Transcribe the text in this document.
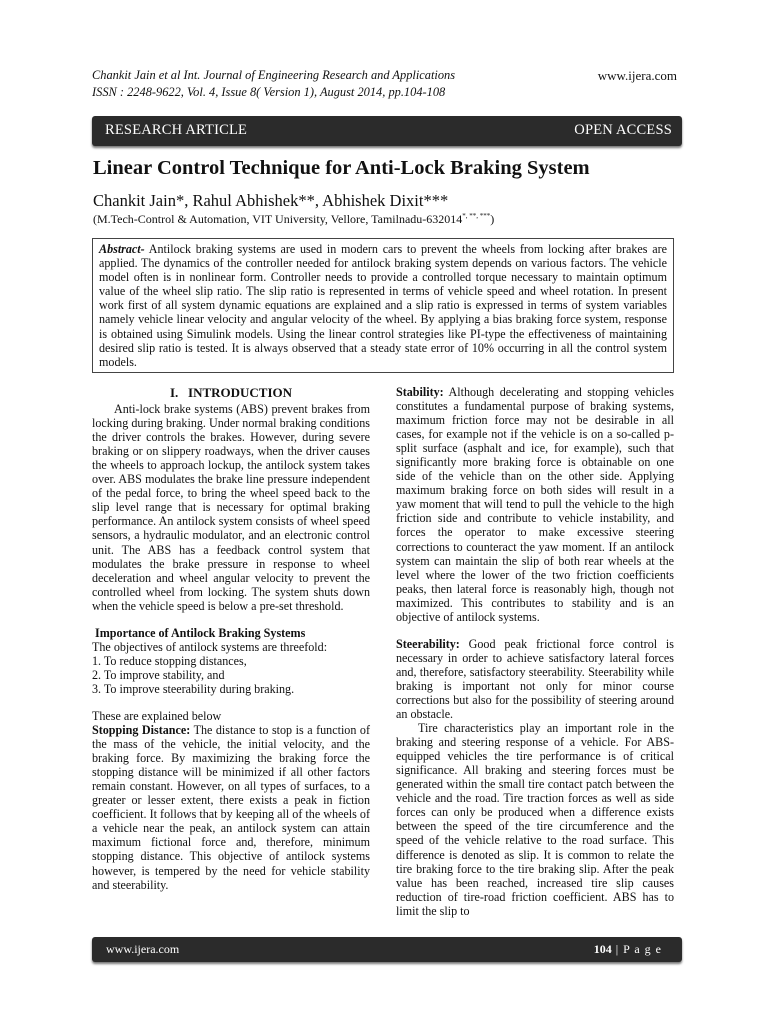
Chankit Jain et al Int. Journal of Engineering Research and Applications
ISSN : 2248-9622, Vol. 4, Issue 8( Version 1), August 2014, pp.104-108
www.ijera.com
RESEARCH ARTICLE	OPEN ACCESS
Linear Control Technique for Anti-Lock Braking System
Chankit Jain*, Rahul Abhishek**, Abhishek Dixit***
(M.Tech-Control & Automation, VIT University, Vellore, Tamilnadu-632014*, **, ***)
Abstract- Antilock braking systems are used in modern cars to prevent the wheels from locking after brakes are applied. The dynamics of the controller needed for antilock braking system depends on various factors. The vehicle model often is in nonlinear form. Controller needs to provide a controlled torque necessary to maintain optimum value of the wheel slip ratio. The slip ratio is represented in terms of vehicle speed and wheel rotation. In present work first of all system dynamic equations are explained and a slip ratio is expressed in terms of system variables namely vehicle linear velocity and angular velocity of the wheel. By applying a bias braking force system, response is obtained using Simulink models. Using the linear control strategies like PI-type the effectiveness of maintaining desired slip ratio is tested. It is always observed that a steady state error of 10% occurring in all the control system models.

I.   INTRODUCTION

Anti-lock brake systems (ABS) prevent brakes from locking during braking. Under normal braking conditions the driver controls the brakes. However, during severe braking or on slippery roadways, when the driver causes the wheels to approach lockup, the antilock system takes over. ABS modulates the brake line pressure independent of the pedal force, to bring the wheel speed back to the slip level range that is necessary for optimal braking performance. An antilock system consists of wheel speed sensors, a hydraulic modulator, and an electronic control unit. The ABS has a feedback control system that modulates the brake pressure in response to wheel deceleration and wheel angular velocity to prevent the controlled wheel from locking. The system shuts down when the vehicle speed is below a pre-set threshold.

Importance of Antilock Braking Systems

The objectives of antilock systems are threefold:

1. To reduce stopping distances,

2. To improve stability, and

3. To improve steerability during braking.

These are explained below

Stopping Distance: The distance to stop is a function of the mass of the vehicle, the initial velocity, and the braking force. By maximizing the braking force the stopping distance will be minimized if all other factors remain constant. However, on all types of surfaces, to a greater or lesser extent, there exists a peak in fiction coefficient. It follows that by keeping all of the wheels of a vehicle near the peak, an antilock system can attain maximum fictional force and, therefore, minimum stopping distance. This objective of antilock systems however, is tempered by the need for vehicle stability and steerability.

Stability: Although decelerating and stopping vehicles constitutes a fundamental purpose of braking systems, maximum friction force may not be desirable in all cases, for example not if the vehicle is on a so-called p-split surface (asphalt and ice, for example), such that significantly more braking force is obtainable on one side of the vehicle than on the other side. Applying maximum braking force on both sides will result in a yaw moment that will tend to pull the vehicle to the high friction side and contribute to vehicle instability, and forces the operator to make excessive steering corrections to counteract the yaw moment. If an antilock system can maintain the slip of both rear wheels at the level where the lower of the two friction coefficients peaks, then lateral force is reasonably high, though not maximized. This contributes to stability and is an objective of antilock systems.

Steerability: Good peak frictional force control is necessary in order to achieve satisfactory lateral forces and, therefore, satisfactory steerability. Steerability while braking is important not only for minor course corrections but also for the possibility of steering around an obstacle.

Tire characteristics play an important role in the braking and steering response of a vehicle. For ABS-equipped vehicles the tire performance is of critical significance. All braking and steering forces must be generated within the small tire contact patch between the vehicle and the road. Tire traction forces as well as side forces can only be produced when a difference exists between the speed of the tire circumference and the speed of the vehicle relative to the road surface. This difference is denoted as slip. It is common to relate the tire braking force to the tire braking slip. After the peak value has been reached, increased tire slip causes reduction of tire-road friction coefficient. ABS has to limit the slip to

www.ijera.com	104 | P a g e
